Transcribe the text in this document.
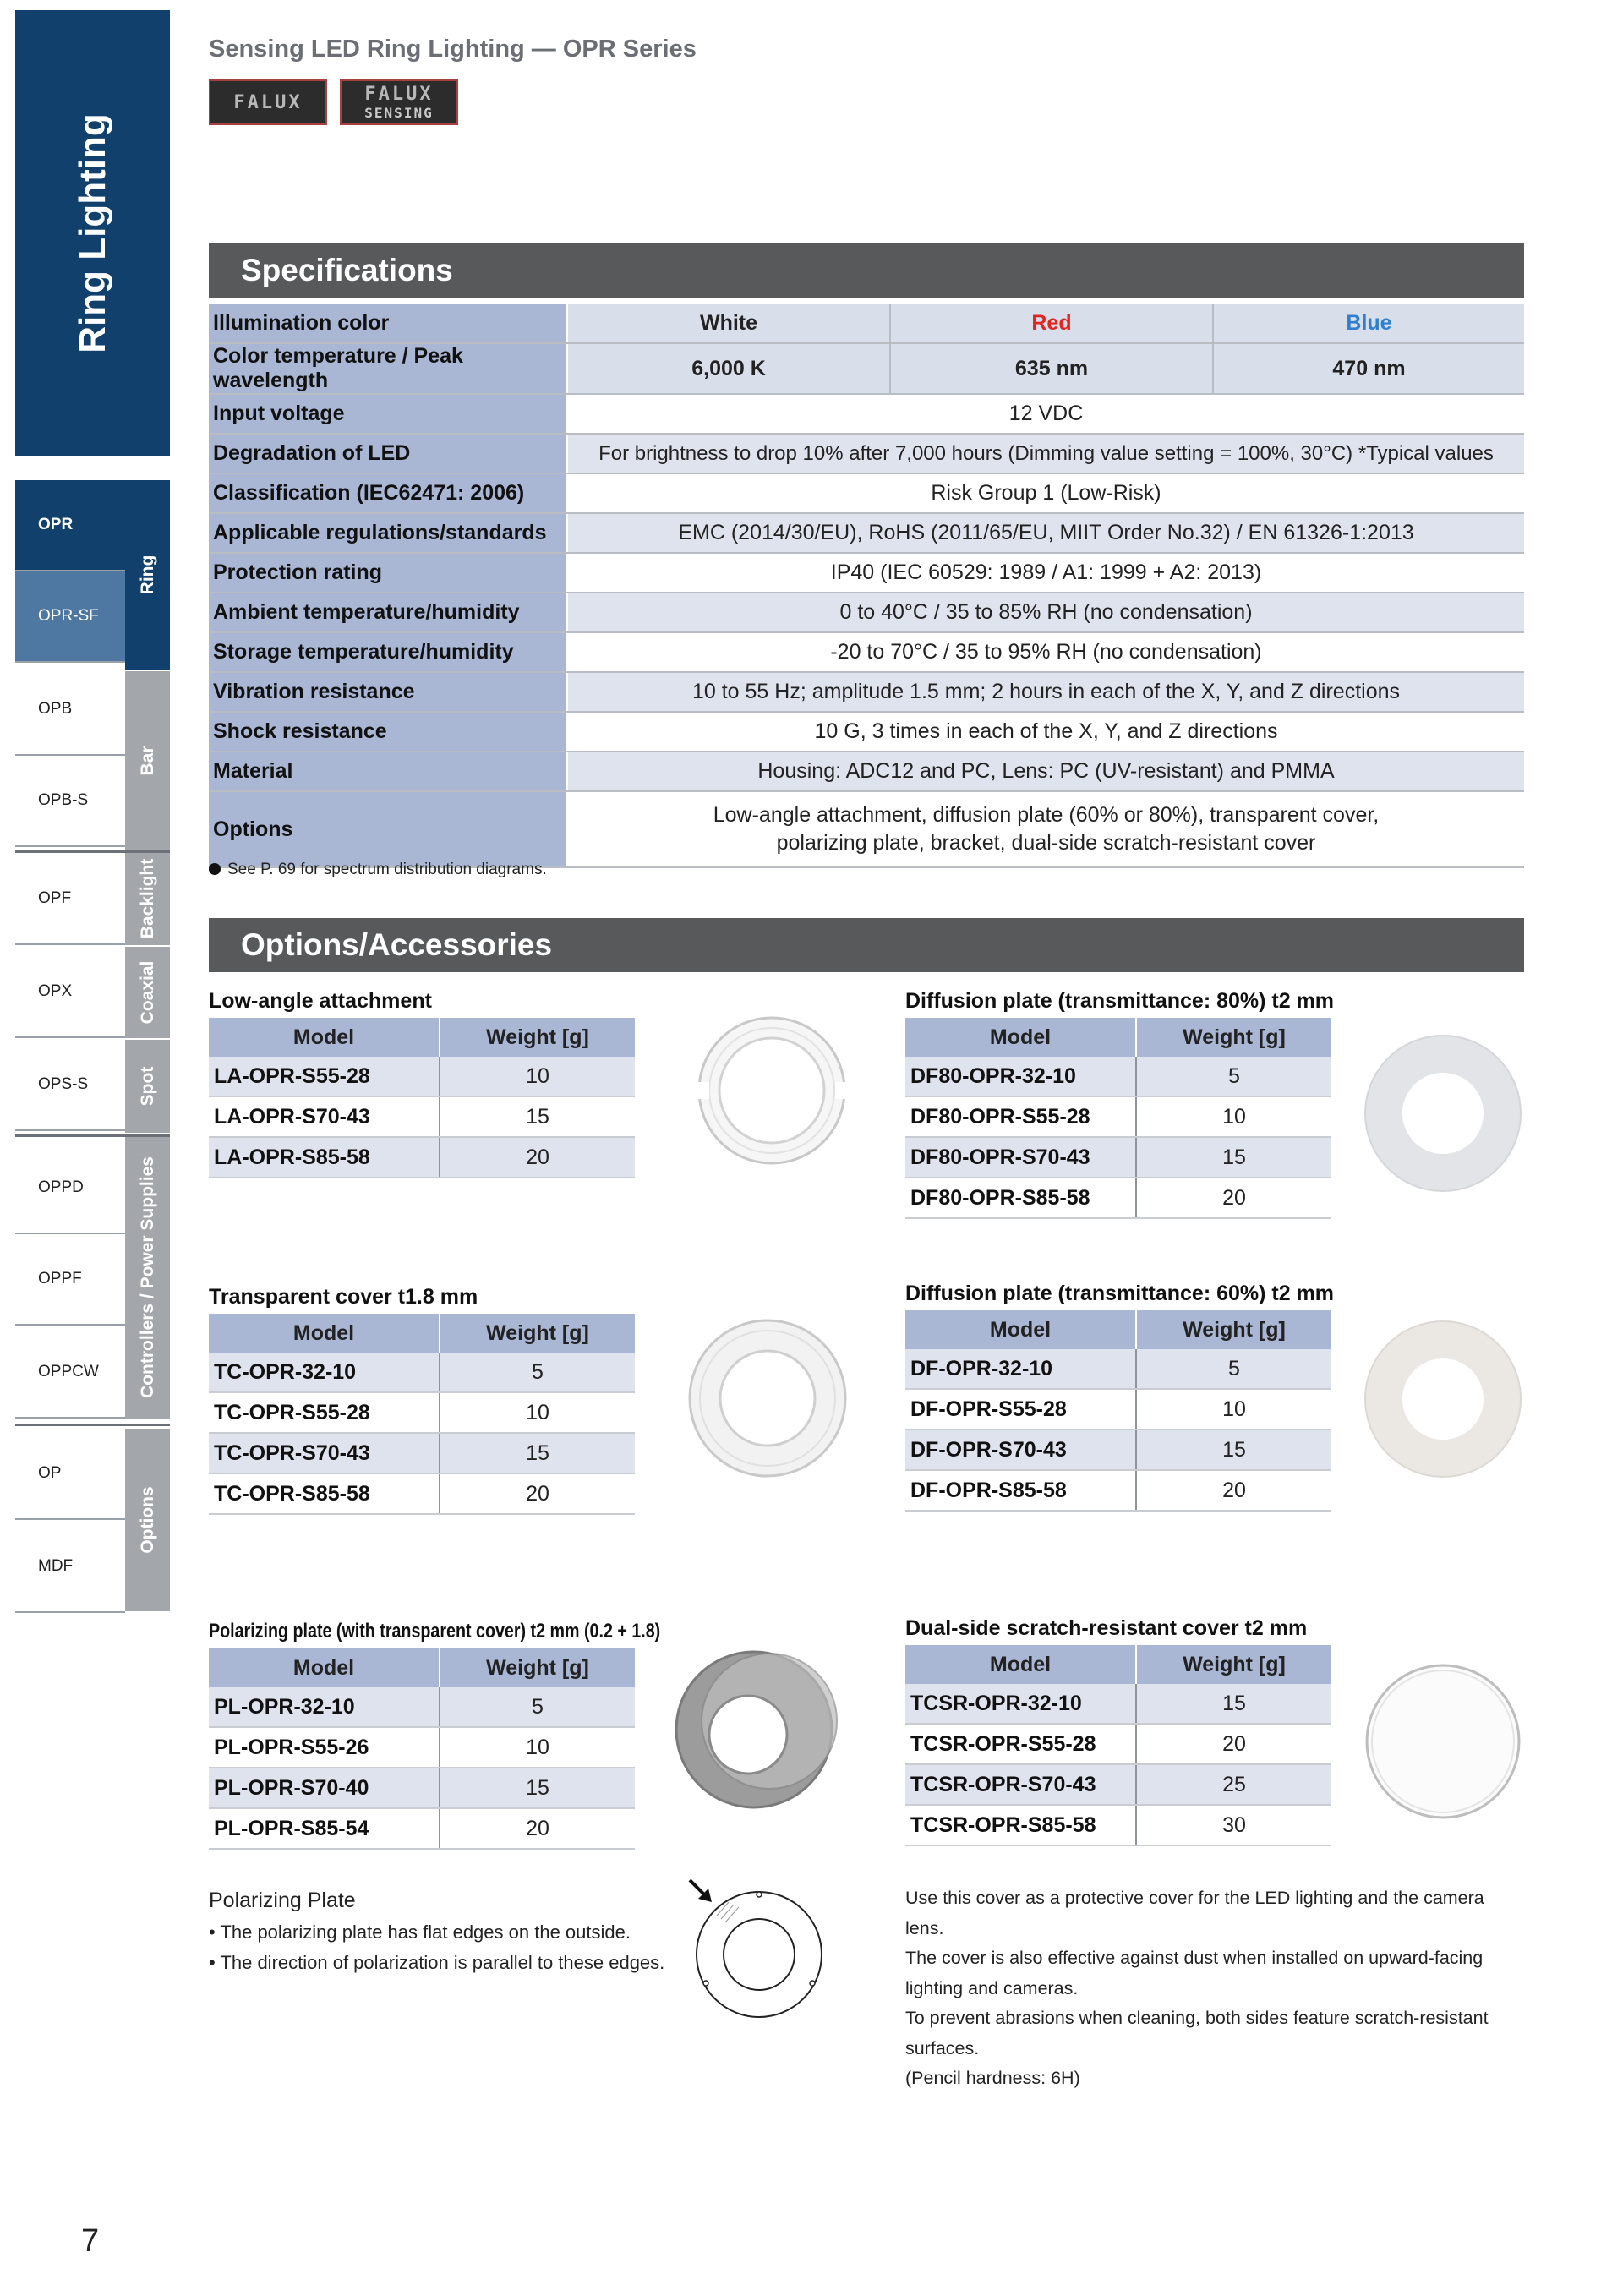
Ring Lighting
OPR
OPR-SF
OPB
OPB-S
OPF
OPX
OPS-S
OPPD
OPPF
OPPCW
OP
MDF
Ring
Bar
Backlight
Coaxial
Spot
Controllers / Power Supplies
Options
Sensing LED Ring Lighting — OPR Series
FALUX	FALUX
SENSING
Specifications
Illumination color	White	Red	Blue
Color temperature / Peak wavelength	6,000 K	635 nm	470 nm
Input voltage	12 VDC		
Degradation of LED	For brightness to drop 10% after 7,000 hours (Dimming value setting = 100%, 30°C) *Typical values		
Classification (IEC62471: 2006)	Risk Group 1 (Low-Risk)		
Applicable regulations/standards	EMC (2014/30/EU), RoHS (2011/65/EU, MIIT Order No.32) / EN 61326-1:2013		
Protection rating	IP40 (IEC 60529: 1989 / A1: 1999 + A2: 2013)		
Ambient temperature/humidity	0 to 40°C / 35 to 85% RH (no condensation)		
Storage temperature/humidity	-20 to 70°C / 35 to 95% RH (no condensation)		
Vibration resistance	10 to 55 Hz; amplitude 1.5 mm; 2 hours in each of the X, Y, and Z directions		
Shock resistance	10 G, 3 times in each of the X, Y, and Z directions		
Material	Housing: ADC12 and PC, Lens: PC (UV-resistant) and PMMA		
Options	Low-angle attachment, diffusion plate (60% or 80%), transparent cover,
polarizing plate, bracket, dual-side scratch-resistant cover		
See P. 69 for spectrum distribution diagrams.
Options/Accessories
Low-angle attachment
Model	Weight [g]
LA-OPR-S55-28	10
LA-OPR-S70-43	15
LA-OPR-S85-58	20
Transparent cover t1.8 mm
Model	Weight [g]
TC-OPR-32-10	5
TC-OPR-S55-28	10
TC-OPR-S70-43	15
TC-OPR-S85-58	20
Polarizing plate (with transparent cover) t2 mm (0.2 + 1.8)
Model	Weight [g]
PL-OPR-32-10	5
PL-OPR-S55-26	10
PL-OPR-S70-40	15
PL-OPR-S85-54	20
Diffusion plate (transmittance: 80%) t2 mm
Model	Weight [g]
DF80-OPR-32-10	5
DF80-OPR-S55-28	10
DF80-OPR-S70-43	15
DF80-OPR-S85-58	20
Diffusion plate (transmittance: 60%) t2 mm
Model	Weight [g]
DF-OPR-32-10	5
DF-OPR-S55-28	10
DF-OPR-S70-43	15
DF-OPR-S85-58	20
Dual-side scratch-resistant cover t2 mm
Model	Weight [g]
TCSR-OPR-32-10	15
TCSR-OPR-S55-28	20
TCSR-OPR-S70-43	25
TCSR-OPR-S85-58	30
Polarizing Plate
• The polarizing plate has flat edges on the outside.
• The direction of polarization is parallel to these edges.
Use this cover as a protective cover for the LED lighting and the camera
lens.
The cover is also effective against dust when installed on upward-facing
lighting and cameras.
To prevent abrasions when cleaning, both sides feature scratch-resistant
surfaces.
(Pencil hardness: 6H)
7
